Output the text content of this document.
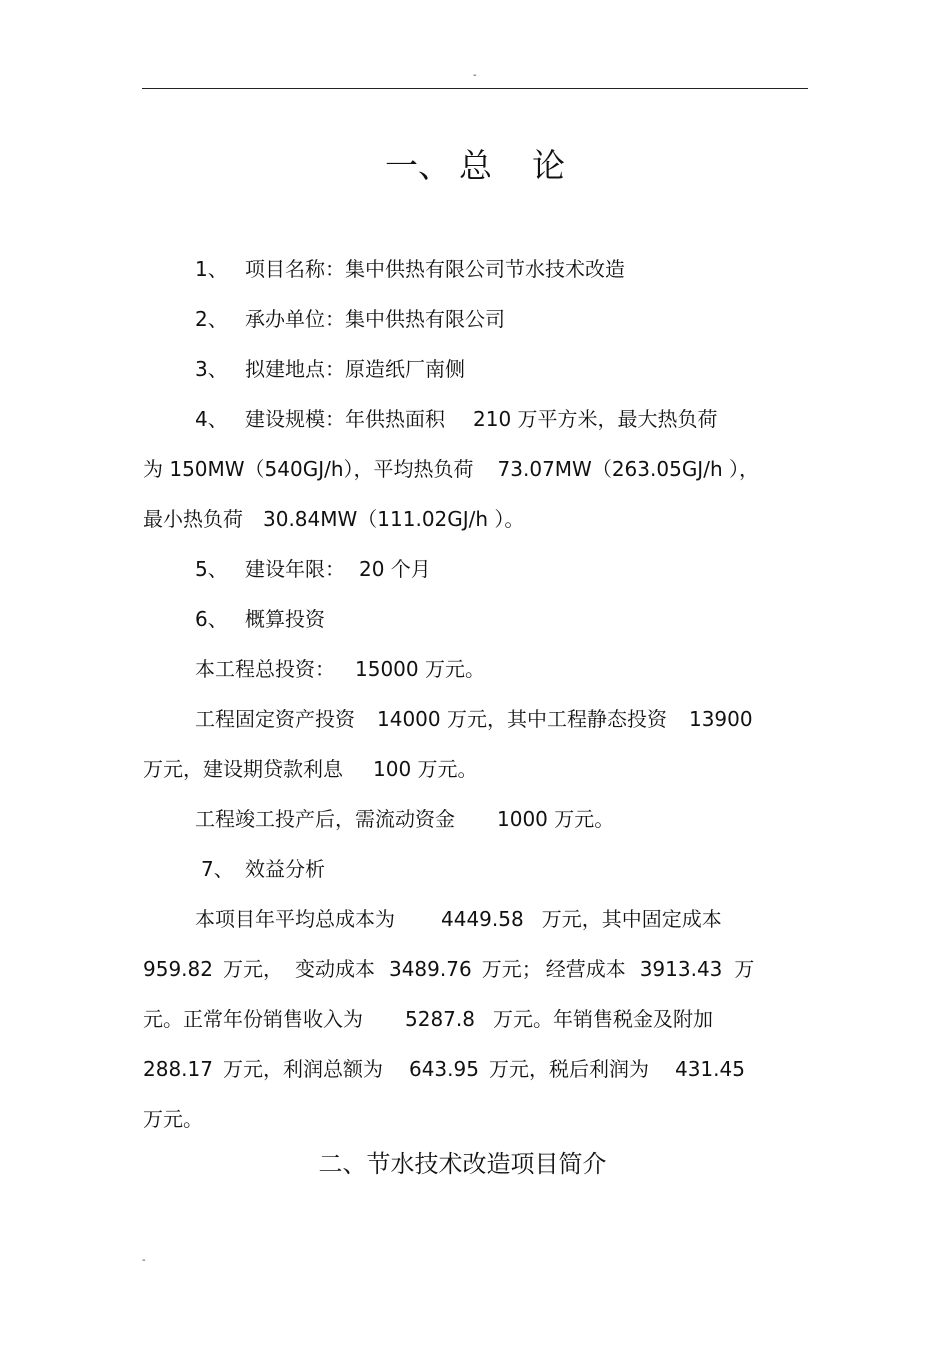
-
一、 总 论
1、 项目名称：集中供热有限公司节水技术改造
2、 承办单位：集中供热有限公司
3、 拟建地点：原造纸厂南侧
4、 建设规模：年供热面积 210 万平方米，最大热负荷
为 150MW（540GJ/h），平均热负荷 73.07MW（263.05GJ/h ），
最小热负荷 30.84MW（111.02GJ/h ）。
5、 建设年限： 20 个月
6、 概算投资
本工程总投资： 15000 万元。
工程固定资产投资 14000 万元，其中工程静态投资 13900
万元，建设期贷款利息 100 万元。
工程竣工投产后，需流动资金 1000 万元。
7、 效益分析
本项目年平均总成本为 4449.58 万元，其中固定成本
959.82 万元， 变动成本 3489.76 万元； 经营成本 3913.43 万
元。正常年份销售收入为 5287.8 万元。年销售税金及附加
288.17 万元，利润总额为 643.95 万元，税后利润为 431.45
万元。
二、节水技术改造项目简介
-
